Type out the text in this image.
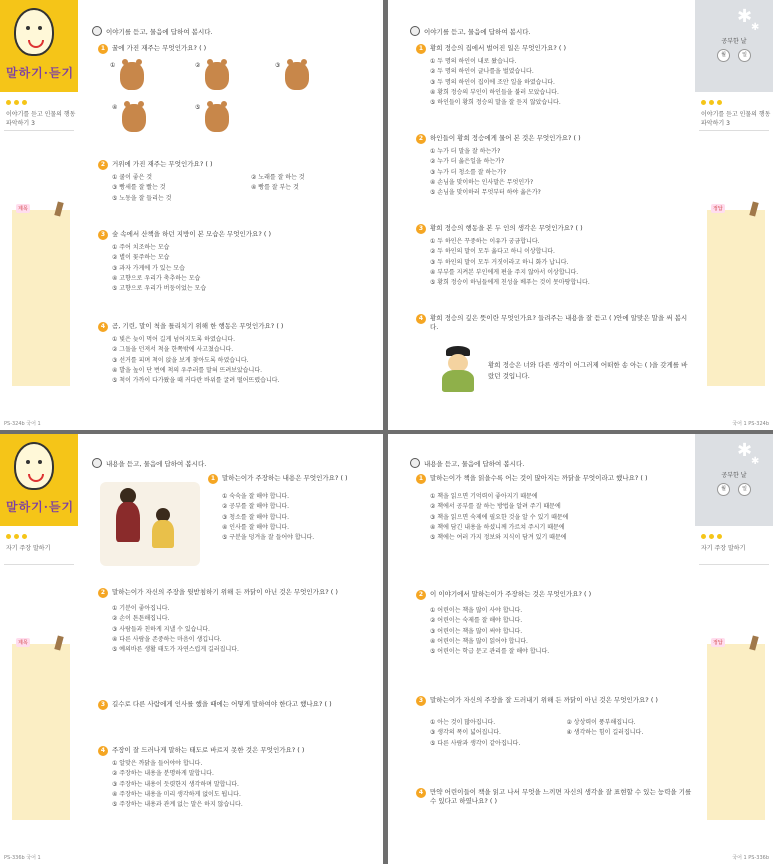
말하기·듣기
이야기를 듣고 인물의 행동 파악하기 3
제목
PS-324b 국어 1
이야기를 듣고, 물음에 답하여 봅시다.
1	꿀에 가진 재주는 무엇인가요? ( )
①	②	③
④	⑤
2	거위에 가진 재주는 무엇인가요? ( )
① 쿨이 좋은 것	② 노래를 잘 하는 것
③ 빵세를 잘 빨는 것	④ 빵를 잘 부는 것
⑤ 노동을 잘 들리는 것
3	숲 속에서 산책을 하던 지방이 본 모습은 무엇인가요? ( )
① 주어 치조하는 모습
② 별이 꽃주하는 모습
③ 과자 가게에 가 있는 모습
④ 고향으로 우리가 축추하는 모습
⑤ 고향으로 우리가 버둥이었는 모습
4	곰, 기린, 말이 척을 틀리치기 위해 한 행동은 무엇인가요? ( )
① 빛은 늦이 먹어 길게 넘어지도록 하였습니다.
② 그돌을 던져서 척을 한쪽밖에 사고쳤습니다.
③ 선거를 피며 척이 앉을 보게 찾아도록 하였습니다.
④ 발을 높이 단 번에 척의 우주러를 말혀 뜨려보았습니다.
⑤ 척이 가까이 다가왔을 때 커다란 바위를 굴려 떨어뜨렸습니다.
✱
✱
공부한 날
월	일
이야기를 듣고 인물의 행동 파악하기 3
정답
국어 1 PS-324b
이야기를 듣고, 물음에 답하여 봅시다.
1	황희 정승의 집에서 벌어진 일은 무엇인가요? ( )
① 두 명의 하인이 내로 왔습니다.
② 두 명의 하인이 글나를을 벌였습니다.
③ 두 명의 하인이 집이에 조안 일을 하였습니다.
④ 황희 정승의 부인이 하인들을 불러 모았습니다.
⑤ 하인들이 황희 정승의 말을 잘 듣지 않았습니다.
2	하인들이 황희 정승에게 물어 본 것은 무엇인가요? ( )
① 누가 더 말을 잘 하는가?
② 누가 더 옳은일을 하는가?
③ 누가 더 청소를 잘 하는가?
④ 손님을 맞이하는 인사말은 무엇인가?
⑤ 손님을 맞이하러 무엇부터 하야 옳은가?
3	황희 정승의 행동을 본 두 인의 생각은 무엇인가요? ( )
① 두 하인은 꾸중하는 이유가 궁금합니다.
② 두 하인의 말이 모두 옳다고 하니 이상합니다.
③ 두 하인의 말이 모두 거짓이라고 하니 화가 납니다.
④ 부부를 지켜본 부인에게 편을 주지 않아서 이상합니다.
⑤ 황희 정승이 하님들에게 친성을 베푸는 것이 못마땅합니다.
4	황희 정승의 깊은 뜻이란 무엇인가요? 들려주는 내용을 잘 듣고 ( )안에 알맞은 말을 써 봅시다.
황희 정승은 너와 다른 생각이 어그러제 어떠한 송 아는 ( )을 갖게를 바랐던 것입니다.
말하기·듣기
자기 주장 말하기
제목
PS-336b 국어 1
내용을 듣고, 물음에 답하여 봅시다.
1	말하는이가 주장하는 내용은 무엇인가요? ( )
① 숙숙을 잘 해야 합니다.
② 공부를 잘 해야 합니다.
③ 청소를 잘 해야 합니다.
④ 인사를 잘 해야 합니다.
⑤ 구분을 덩겨을 잘 들어야 합니다.
2	말하는이가 자신의 주장을 뒷받침하기 위해 든 까닭이 아닌 것은 무엇인가요? ( )
① 기분이 좋아집니다.
② 손이 튼튼해집니다.
③ 사람들과 친하게 지낼 수 있습니다.
④ 다른 사람을 존중하는 마음이 생깁니다.
⑤ 예의바른 생활 태도가 자연스럽게 길러집니다.
3	길수로 다른 사람에게 인사를 했을 때에는 어떻게 말하여야 한다고 했나요? ( )
4	주장이 잘 드러나게 말하는 태도로 바르지 못한 것은 무엇인가요? ( )
① 알맞은 까닭을 들어야야 합니다.
② 주장하는 내용을 분명하게 말합니다.
③ 주장하는 내용이 듯렷한지 생각하며 말합니다.
④ 주장하는 내용을 미리 생각하게 없이도 됩니다.
⑤ 주장하는 내용과 관계 없는 말은 하지 않습니다.
✱
✱
공부한 날
월	일
자기 주장 말하기
정답
국어 1 PS-336b
내용을 듣고, 물음에 답하여 봅시다.
1	말하는이가 책을 읽을수록 어는 것이 많아지는 까닭을 무엇이라고 했나요? ( )
① 책을 읽으면 기억력이 좋아지기 때문에
② 책에서 공부를 잘 하는 방법을 알려 주기 때문에
③ 책을 읽으면 숙제에 필요한 것을 알 수 있기 때문에
④ 책에 담긴 내용을 하셨니께 가르쳐 주시기 때문에
⑤ 책에는 여러 가지 정보와 지식이 담겨 있기 때문에
2	이 이야기에서 말하는이가 주장하는 것은 무엇인가요? ( )
① 어린이는 책을 많이 사야 합니다.
② 어린이는 숙제를 잘 해야 합니다.
③ 어린이는 책을 많이 써야 합니다.
④ 어린이는 책을 많이 읽어야 합니다.
⑤ 어린이는 학급 문고 관리를 잘 해야 합니다.
3	말하는이가 자신의 주장을 잘 드러내기 위해 든 까닭이 아닌 것은 무엇인가요? ( )
① 아는 것이 많아집니다.	② 상상력이 풍부해집니다.
③ 생각의 폭이 넓어집니다.	④ 생각하는 힘이 길러집니다.
⑤ 다른 사람과 생각이 같아집니다.
4	만약 어린이들이 책을 읽고 나서 무엇을 느끼면 자신의 생각을 잘 표현할 수 있는 능력을 기를 수 있다고 하였나요? ( )
